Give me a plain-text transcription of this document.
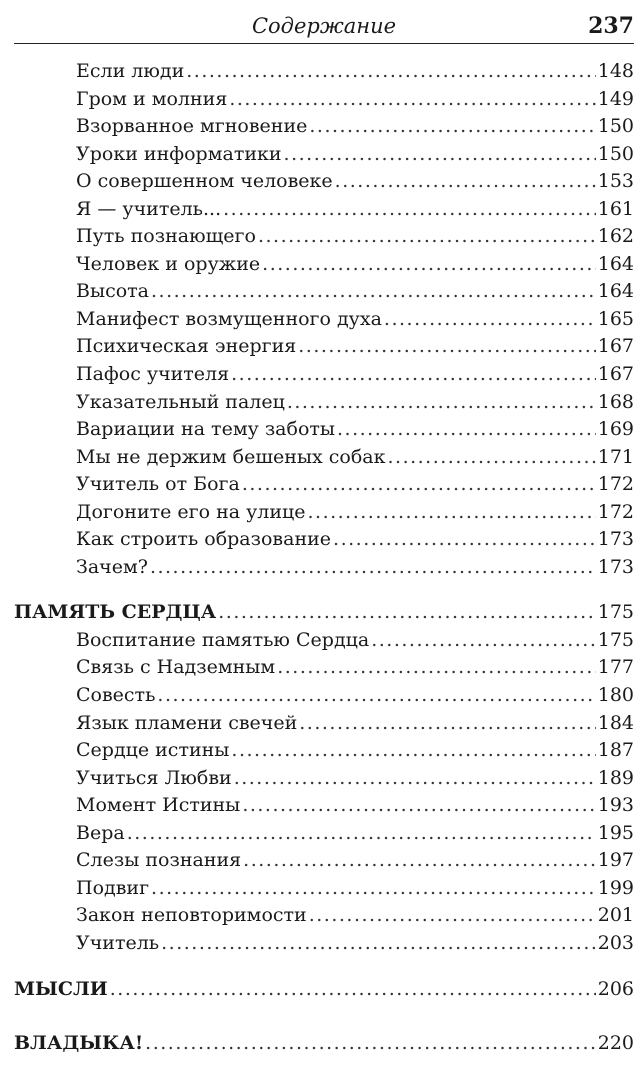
Содержание	237
Если люди .....	148
Гром и молния .....	149
Взорванное мгновение .....	150
Уроки информатики .....	150
О совершенном человеке .....	153
Я — учитель... .....	161
Путь познающего .....	162
Человек и оружие .....	164
Высота .....	164
Манифест возмущенного духа .....	165
Психическая энергия .....	167
Пафос учителя .....	167
Указательный палец .....	168
Вариации на тему заботы .....	169
Мы не держим бешеных собак .....	171
Учитель от Бога .....	172
Догоните его на улице .....	172
Как строить образование .....	173
Зачем? .....	173
ПАМЯТЬ СЕРДЦА .....	175
Воспитание памятью Сердца .....	175
Связь с Надземным .....	177
Совесть .....	180
Язык пламени свечей .....	184
Сердце истины .....	187
Учиться Любви .....	189
Момент Истины .....	193
Вера .....	195
Слезы познания .....	197
Подвиг .....	199
Закон неповторимости .....	201
Учитель .....	203
МЫСЛИ .....	206
ВЛАДЫКА! .....	220
